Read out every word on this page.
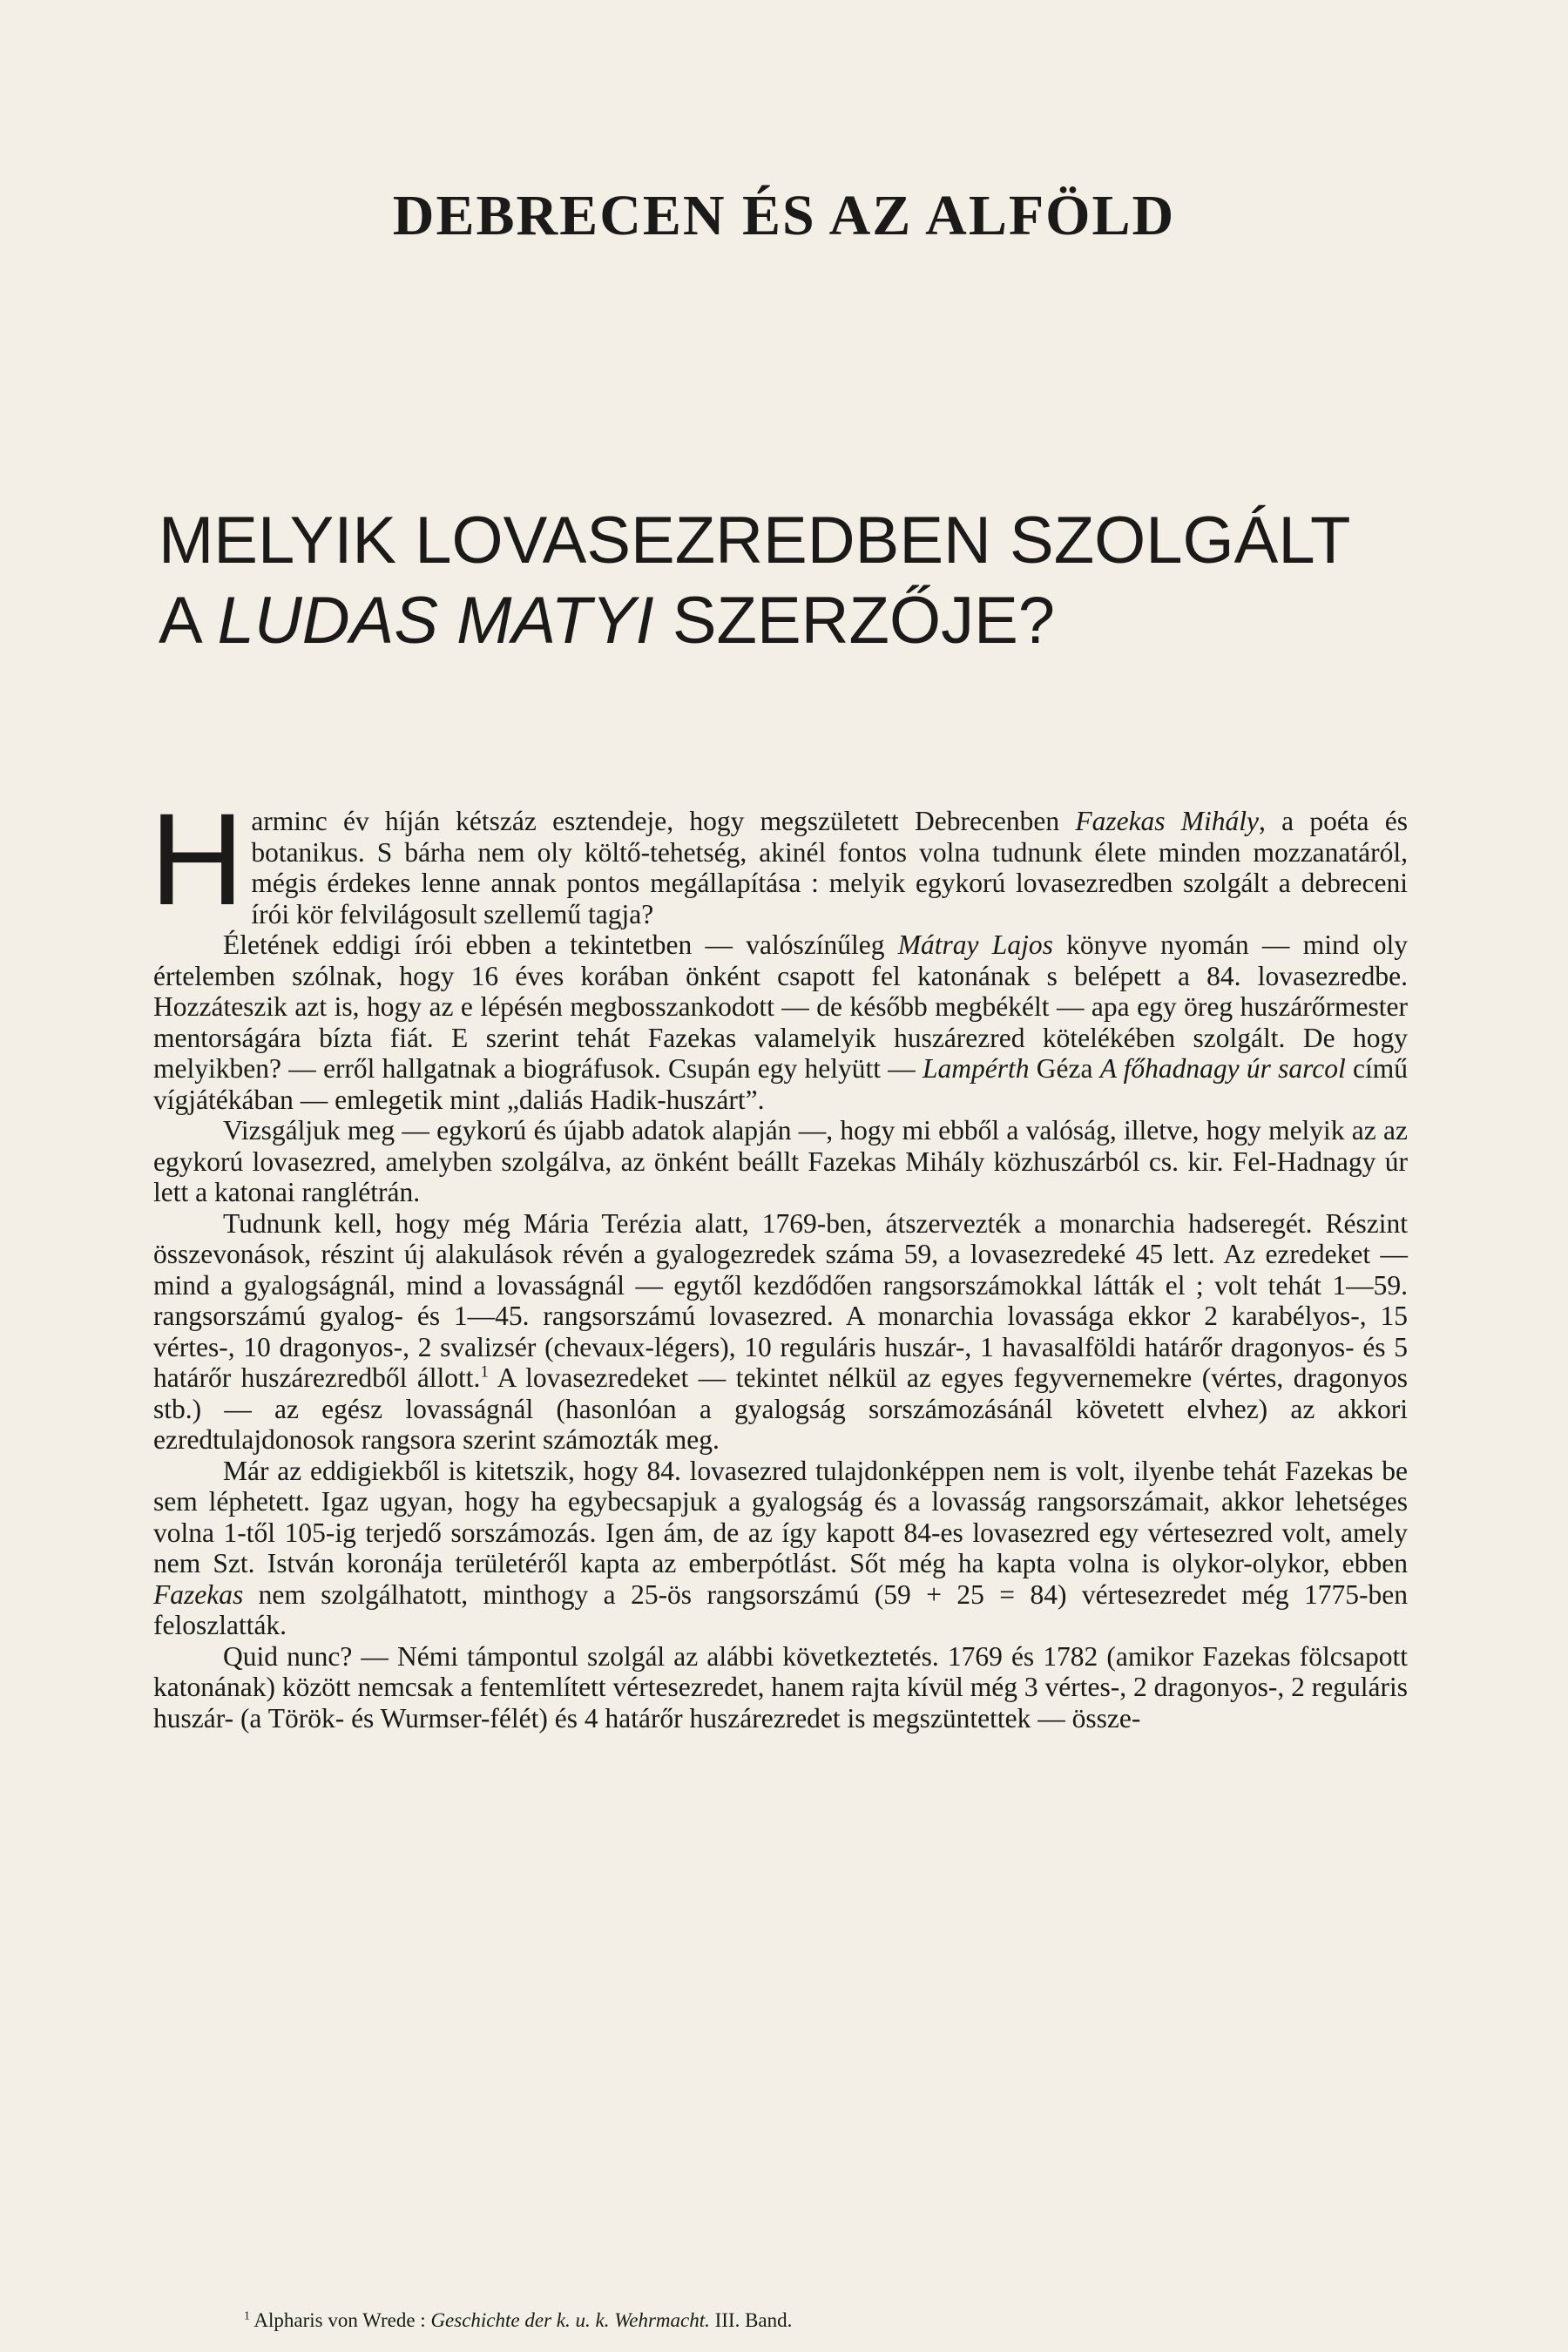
DEBRECEN ÉS AZ ALFÖLD
MELYIK LOVASEZREDBEN SZOLGÁLT
A LUDAS MATYI SZERZŐJE?

Harminc év híján kétszáz esztendeje, hogy megszületett Debrecenben Fazekas Mihály, a poéta és botanikus. S bárha nem oly költő-tehetség, akinél fontos volna tudnunk élete minden mozzanatáról, mégis érdekes lenne annak pontos megállapítása : melyik egykorú lovasezredben szolgált a debreceni írói kör felvilágosult szellemű tagja?

Életének eddigi írói ebben a tekintetben — valószínűleg Mátray Lajos könyve nyomán — mind oly értelemben szólnak, hogy 16 éves korában önként csapott fel katonának s belépett a 84. lovasezredbe. Hozzáteszik azt is, hogy az e lépésén megbosszankodott — de később megbékélt — apa egy öreg huszárőrmester mentorságára bízta fiát. E szerint tehát Fazekas valamelyik huszárezred kötelékében szolgált. De hogy melyikben? — erről hallgatnak a biográfusok. Csupán egy helyütt — Lampérth Géza A főhadnagy úr sarcol című vígjátékában — emlegetik mint „daliás Hadik-huszárt”.

Vizsgáljuk meg — egykorú és újabb adatok alapján —, hogy mi ebből a valóság, illetve, hogy melyik az az egykorú lovasezred, amelyben szolgálva, az önként beállt Fazekas Mihály közhuszárból cs. kir. Fel-Hadnagy úr lett a katonai ranglétrán.

Tudnunk kell, hogy még Mária Terézia alatt, 1769-ben, átszervezték a monarchia hadseregét. Részint összevonások, részint új alakulások révén a gyalogezredek száma 59, a lovasezredeké 45 lett. Az ezredeket — mind a gyalogságnál, mind a lovasságnál — egytől kezdődően rangsorszámokkal látták el ; volt tehát 1—59. rangsorszámú gyalog- és 1—45. rangsorszámú lovasezred. A monarchia lovassága ekkor 2 karabélyos-, 15 vértes-, 10 dragonyos-, 2 svalizsér (chevaux-légers), 10 reguláris huszár-, 1 havasalföldi határőr dragonyos- és 5 határőr huszárezredből állott.$^1$ A lovasezredeket — tekintet nélkül az egyes fegyvernemekre (vértes, dragonyos stb.) — az egész lovasságnál (hasonlóan a gyalogság sorszámozásánál követett elvhez) az akkori ezredtulajdonosok rangsora szerint számozták meg.

Már az eddigiekből is kitetszik, hogy 84. lovasezred tulajdonképpen nem is volt, ilyenbe tehát Fazekas be sem léphetett. Igaz ugyan, hogy ha egybecsapjuk a gyalogság és a lovasság rangsorszámait, akkor lehetséges volna 1-től 105-ig terjedő sorszámozás. Igen ám, de az így kapott 84-es lovasezred egy vértesezred volt, amely nem Szt. István koronája területéről kapta az emberpótlást. Sőt még ha kapta volna is olykor-olykor, ebben Fazekas nem szolgálhatott, minthogy a 25-ös rangsorszámú (59 + 25 = 84) vértesezredet még 1775-ben feloszlatták.

Quid nunc? — Némi támpontul szolgál az alábbi következtetés. 1769 és 1782 (amikor Fazekas fölcsapott katonának) között nemcsak a fentemlített vértesezredet, hanem rajta kívül még 3 vértes-, 2 dragonyos-, 2 reguláris huszár- (a Török- és Wurmser-félét) és 4 határőr huszárezredet is megszüntettek — össze-

$^1$ Alpharis von Wrede : Geschichte der k. u. k. Wehrmacht. III. Band.
